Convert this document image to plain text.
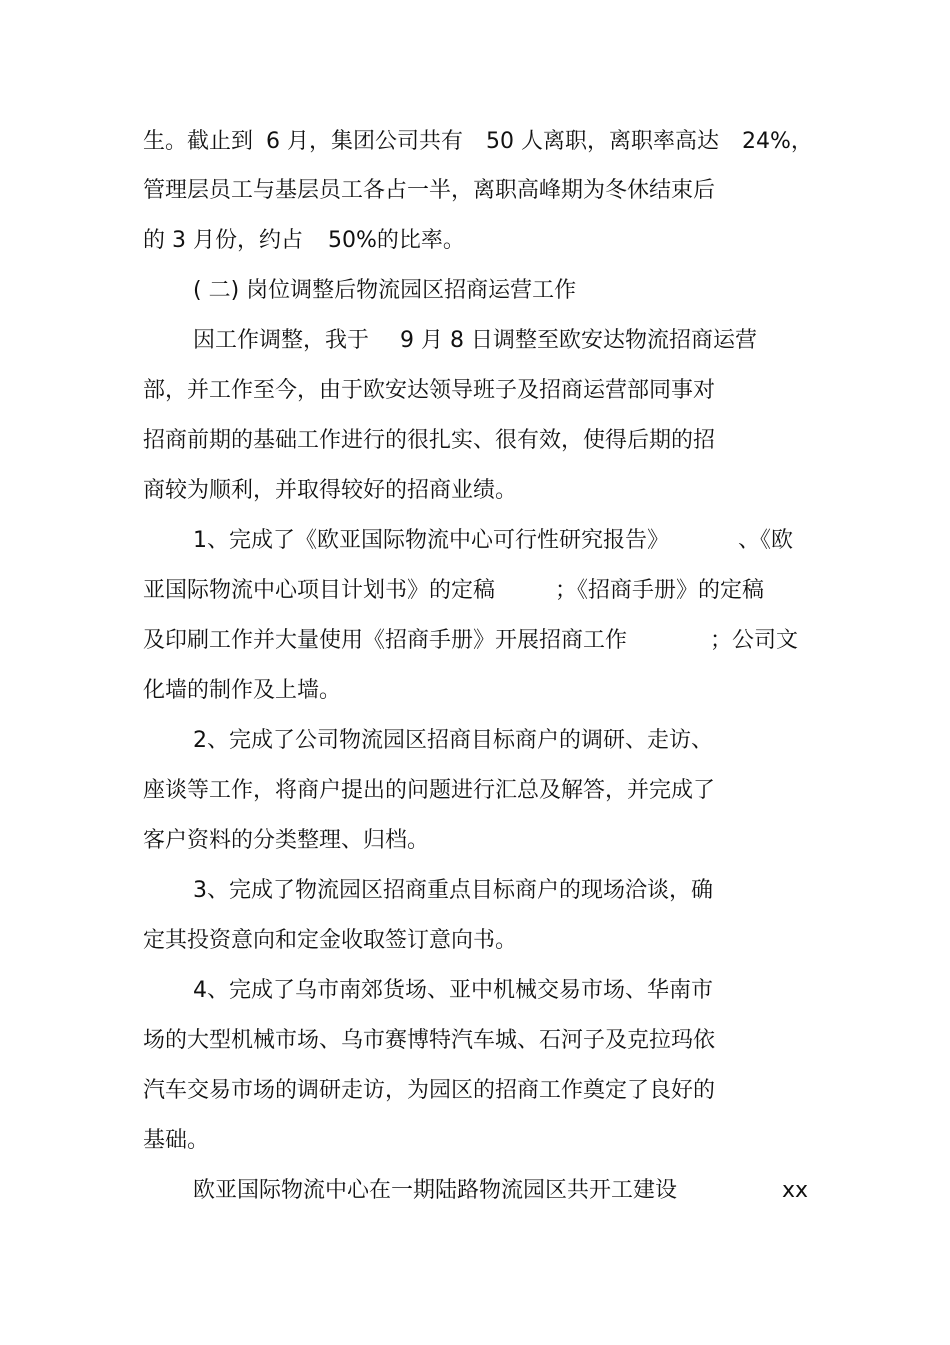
生。截止到 6 月，集团公司共有 50 人离职，离职率高达 24%，
管理层员工与基层员工各占一半，离职高峰期为冬休结束后
的 3 月份，约占 50%的比率。
( 二) 岗位调整后物流园区招商运营工作
因工作调整，我于 9 月 8 日调整至欧安达物流招商运营
部，并工作至今，由于欧安达领导班子及招商运营部同事对
招商前期的基础工作进行的很扎实、很有效，使得后期的招
商较为顺利，并取得较好的招商业绩。
1、完成了《欧亚国际物流中心可行性研究报告》	、《欧
亚国际物流中心项目计划书》的定稿	；《招商手册》的定稿
及印刷工作并大量使用《招商手册》开展招商工作	；公司文
化墙的制作及上墙。
2、完成了公司物流园区招商目标商户的调研、走访、
座谈等工作，将商户提出的问题进行汇总及解答，并完成了
客户资料的分类整理、归档。
3、完成了物流园区招商重点目标商户的现场洽谈，确
定其投资意向和定金收取签订意向书。
4、完成了乌市南郊货场、亚中机械交易市场、华南市
场的大型机械市场、乌市赛博特汽车城、石河子及克拉玛依
汽车交易市场的调研走访，为园区的招商工作奠定了良好的
基础。
欧亚国际物流中心在一期陆路物流园区共开工建设	xx
